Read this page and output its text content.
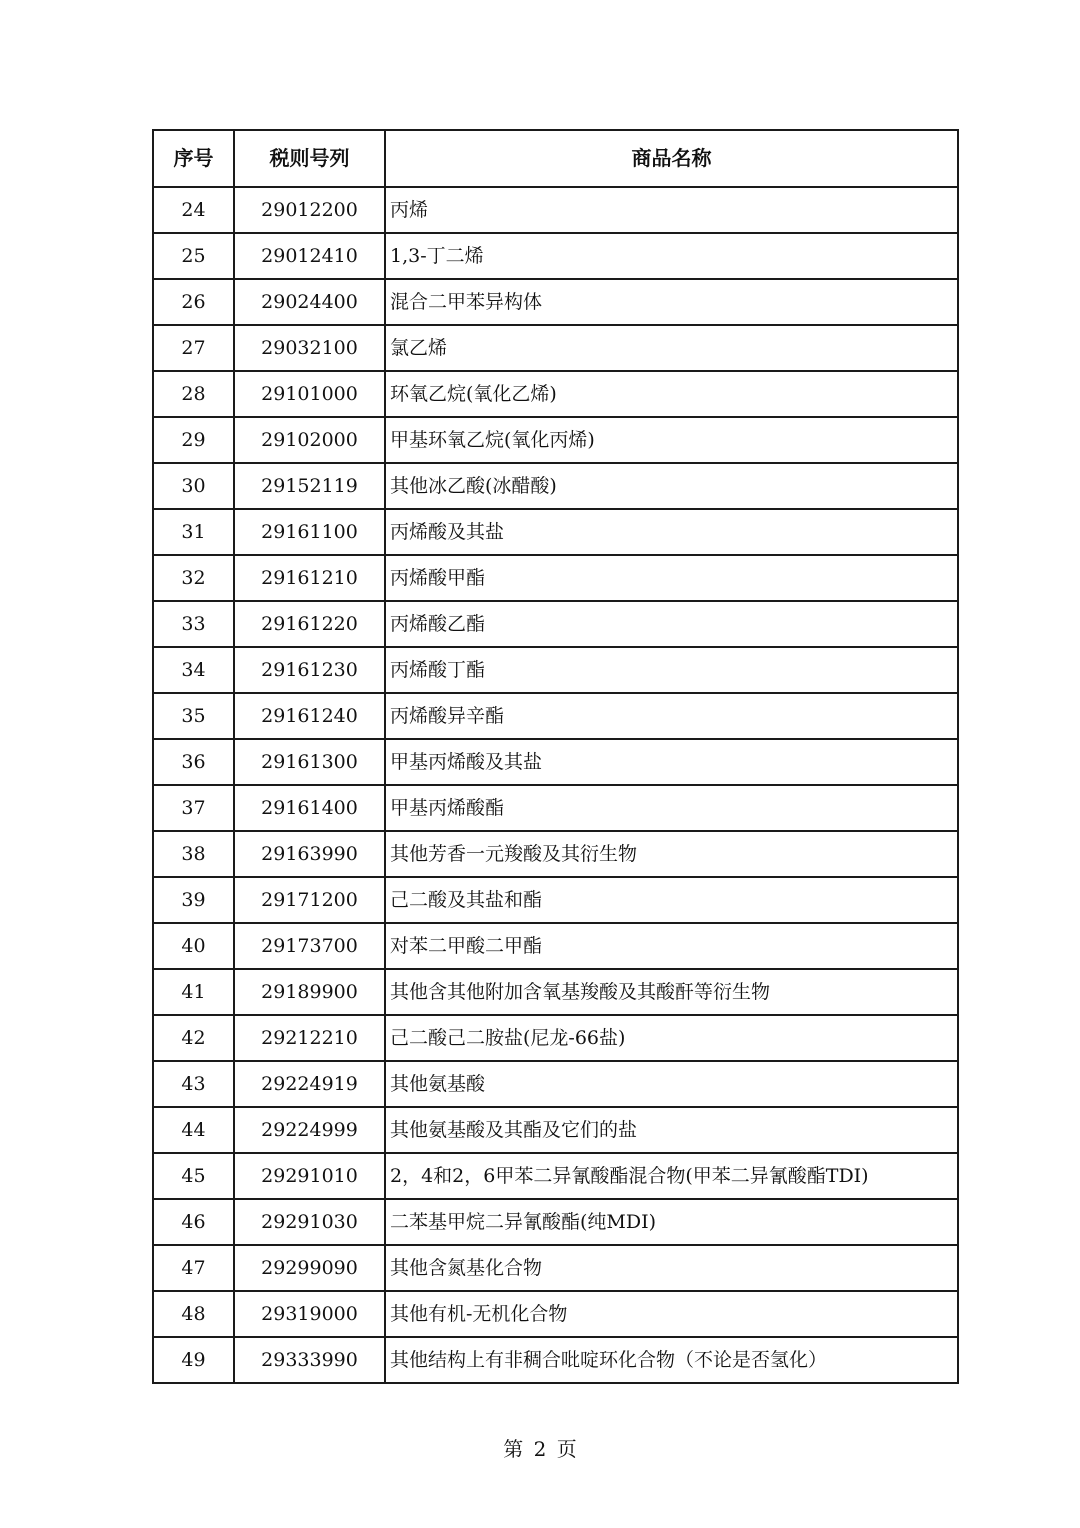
序号	税则号列	商品名称
24	29012200	丙烯
25	29012410	1,3-丁二烯
26	29024400	混合二甲苯异构体
27	29032100	氯乙烯
28	29101000	环氧乙烷(氧化乙烯)
29	29102000	甲基环氧乙烷(氧化丙烯)
30	29152119	其他冰乙酸(冰醋酸)
31	29161100	丙烯酸及其盐
32	29161210	丙烯酸甲酯
33	29161220	丙烯酸乙酯
34	29161230	丙烯酸丁酯
35	29161240	丙烯酸异辛酯
36	29161300	甲基丙烯酸及其盐
37	29161400	甲基丙烯酸酯
38	29163990	其他芳香一元羧酸及其衍生物
39	29171200	己二酸及其盐和酯
40	29173700	对苯二甲酸二甲酯
41	29189900	其他含其他附加含氧基羧酸及其酸酐等衍生物
42	29212210	己二酸己二胺盐(尼龙-66盐)
43	29224919	其他氨基酸
44	29224999	其他氨基酸及其酯及它们的盐
45	29291010	2，4和2，6甲苯二异氰酸酯混合物(甲苯二异氰酸酯TDI)
46	29291030	二苯基甲烷二异氰酸酯(纯MDI)
47	29299090	其他含氮基化合物
48	29319000	其他有机-无机化合物
49	29333990	其他结构上有非稠合吡啶环化合物（不论是否氢化）
第 2 页
